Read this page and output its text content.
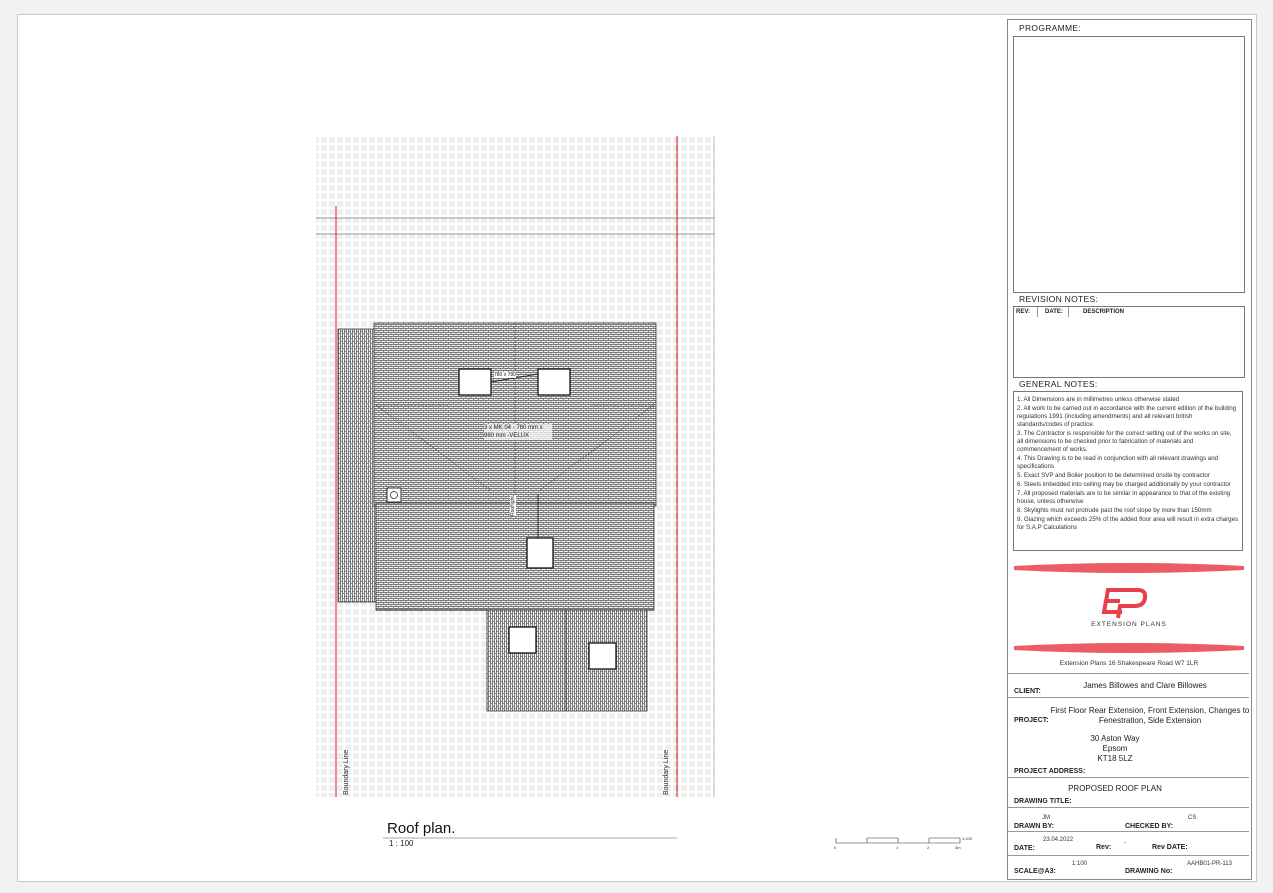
3 x MK 04 - 780 mm x 980 mm -VELUX
780 x 780
Rooflight
Boundary Line	Boundary Line
Roof plan.
1 : 100	0	1	2	3m
1:100
PROGRAMME:
REVISION NOTES:
REV: DATE:	DESCRIPTION
GENERAL NOTES:

1. All Dimensions are in millimetres unless otherwise stated

2. All work to be carried out in accordance with the current edition of the building regulations 1991 (including amendments) and all relevant british standards/codes of practice.

3. The Contractor is responsible for the correct setting out of the works on site, all dimensions to be checked prior to fabrication of materials and commencement of works.

4. This Drawing is to be read in conjunction with all relevant drawings and specifications

5. Exact SVP and Boiler position to be determined onsite by contractor

6. Steels imbedded into ceiling may be charged additionally by your contractor

7. All proposed materials are to be similar in appearance to that of the existing house, unless otherwise

8. Skylights must not protrude past the roof slope by more than 150mm

9. Glazing which exceeds 25% of the added floor area will result in extra charges for S.A.P Calculations

EXTENSION PLANS
Extension Plans 16 Shakespeare Road W7 1LR
James Billowes and Clare Billowes
CLIENT:
First Floor Rear Extension, Front Extension, Changes to Fenestration, Side Extension
PROJECT:
30 Aston Way
Epsom
KT18 5LZ
PROJECT ADDRESS:
PROPOSED ROOF PLAN
DRAWING TITLE:
JM	CS
DRAWN BY:	CHECKED BY:
23.04.2022	-
DATE:	Rev:	Rev DATE:
1:100	AAHB01-PR-113
SCALE@A3:	DRAWING No:
